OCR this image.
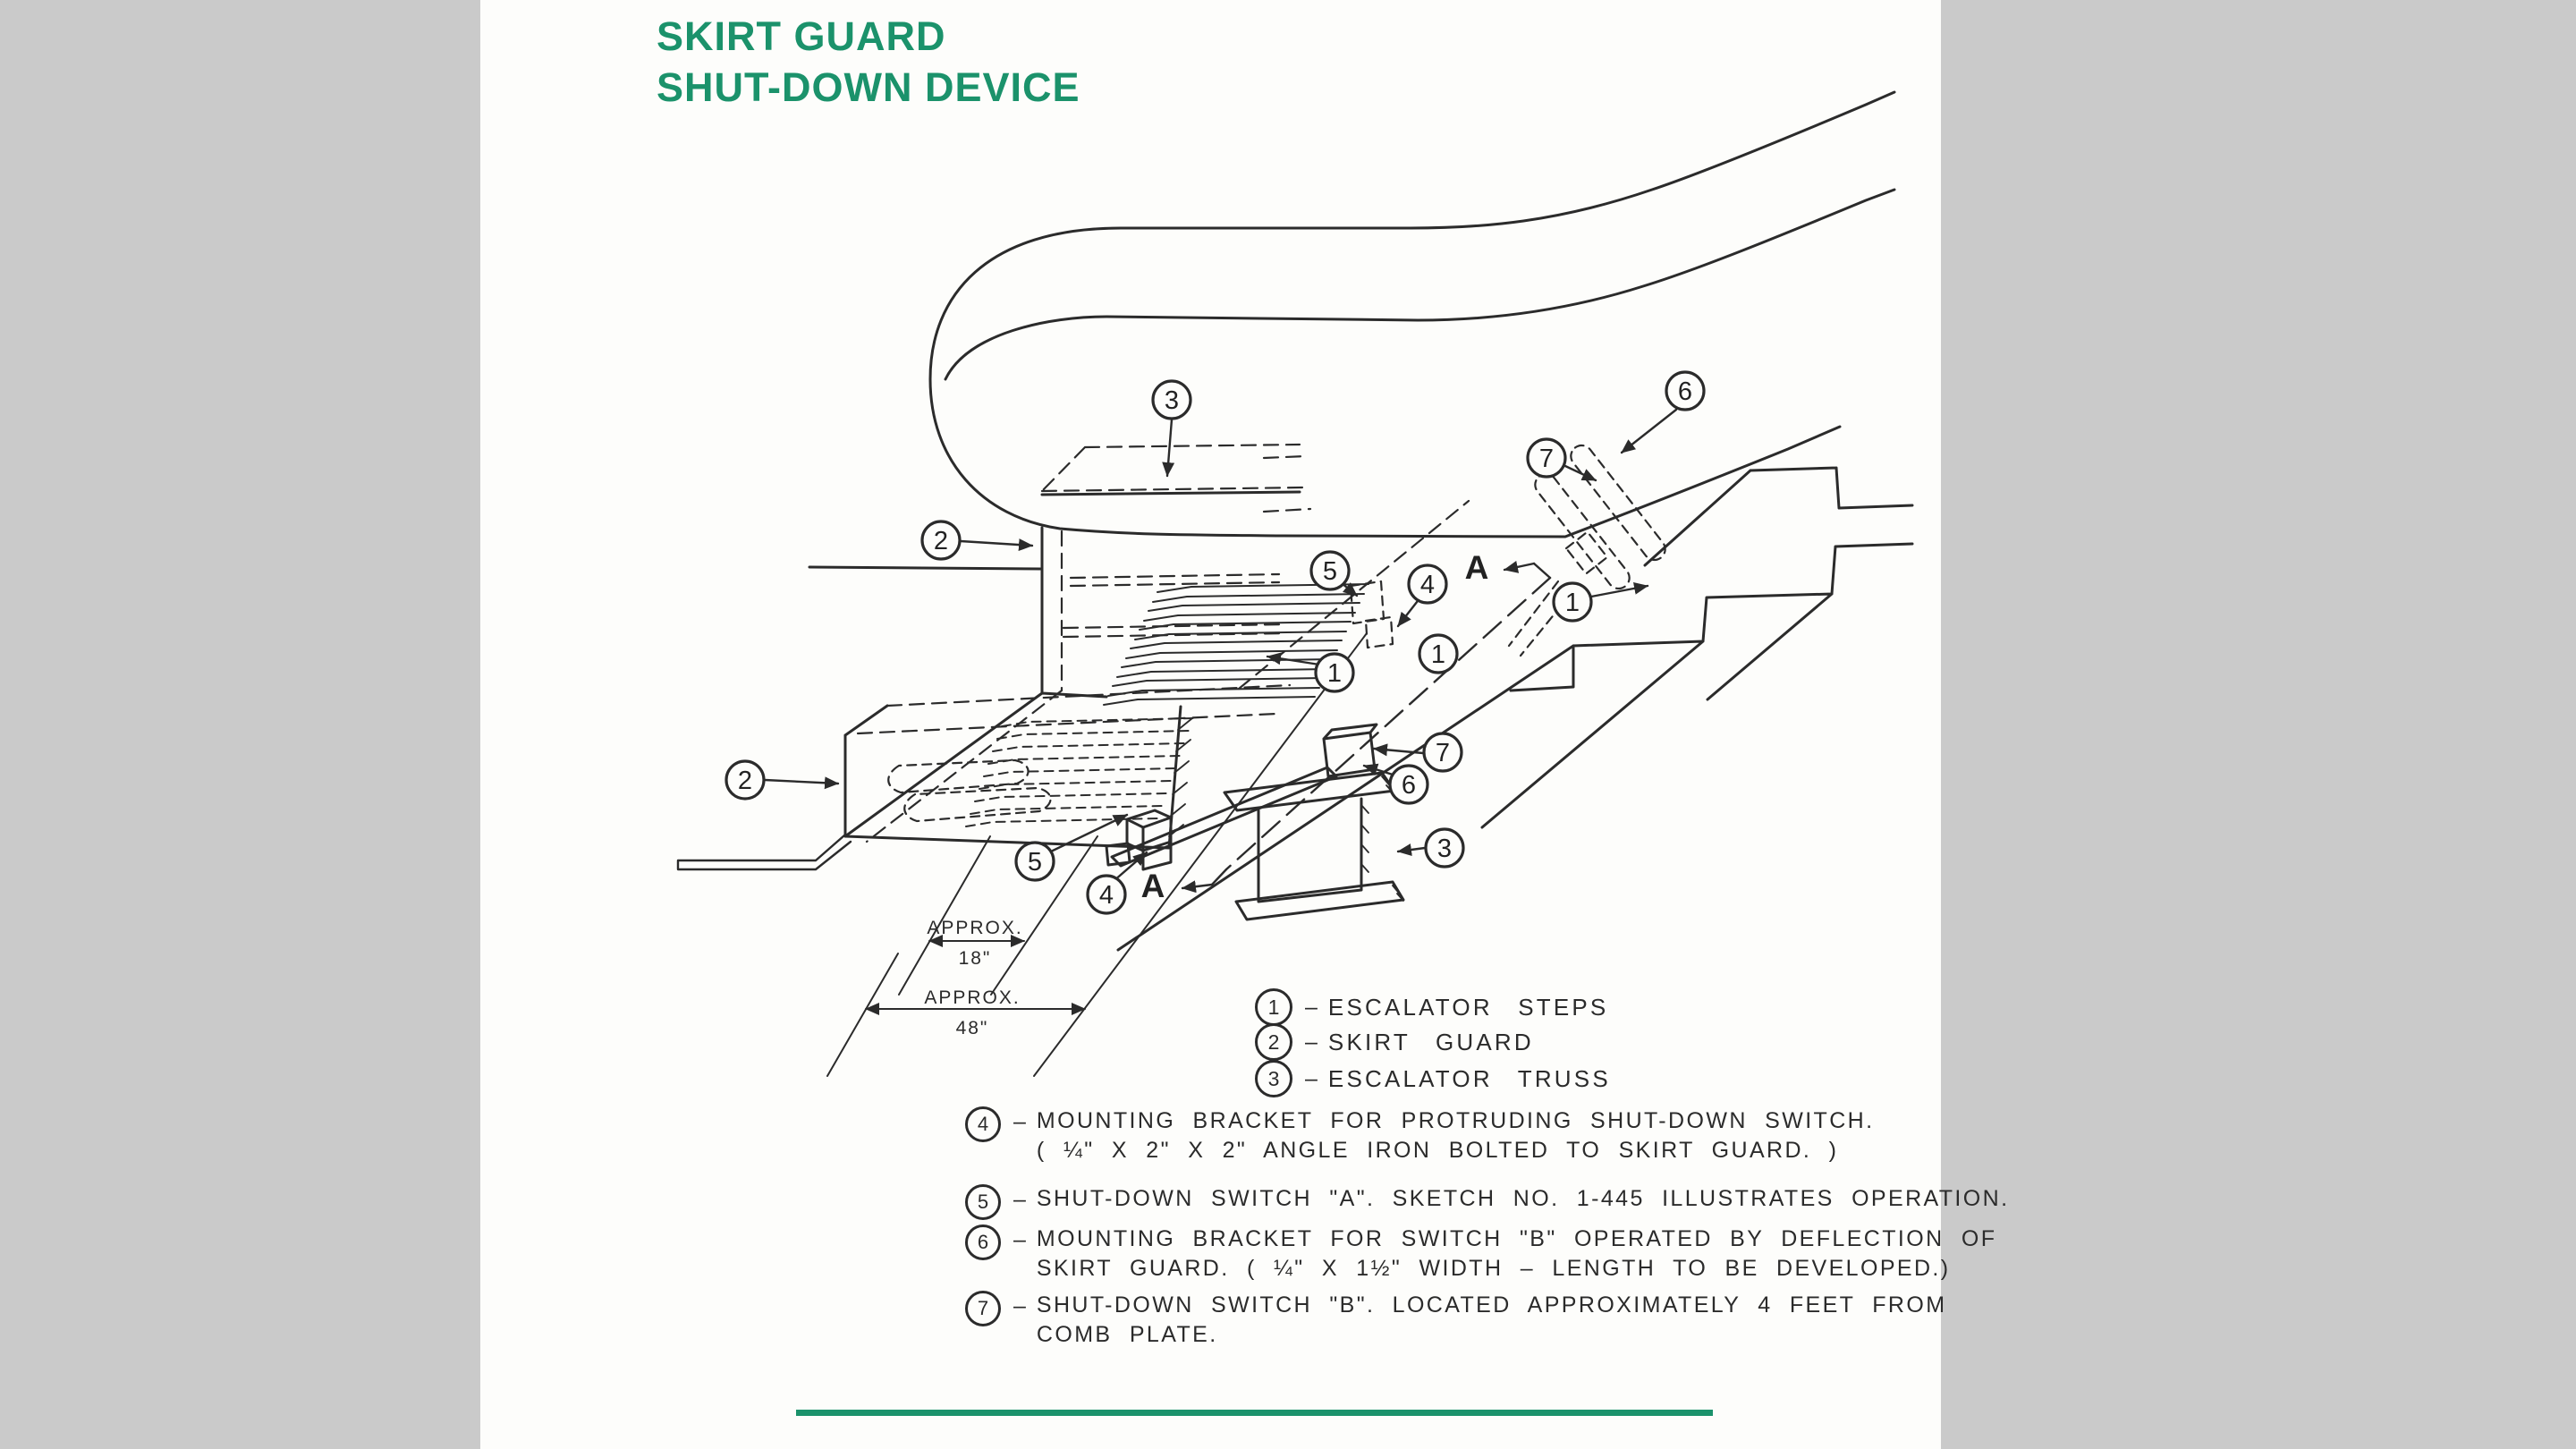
SKIRT GUARD
SHUT-DOWN DEVICE
3	6
7
2
5	4
1
1
1
7
6
3
2
5
4
A
A
APPROX.
18"
APPROX.
48"
1	– ESCALATOR STEPS
2	– SKIRT GUARD
3	– ESCALATOR TRUSS
4	– MOUNTING BRACKET FOR PROTRUDING SHUT-DOWN SWITCH.
( ¼" X 2" X 2" ANGLE IRON BOLTED TO SKIRT GUARD. )
5	– SHUT-DOWN SWITCH "A". SKETCH NO. 1-445 ILLUSTRATES OPERATION.
6	– MOUNTING BRACKET FOR SWITCH "B" OPERATED BY DEFLECTION OF
SKIRT GUARD. ( ¼" X 1½" WIDTH – LENGTH TO BE DEVELOPED.)
7	– SHUT-DOWN SWITCH "B". LOCATED APPROXIMATELY 4 FEET FROM
COMB PLATE.
